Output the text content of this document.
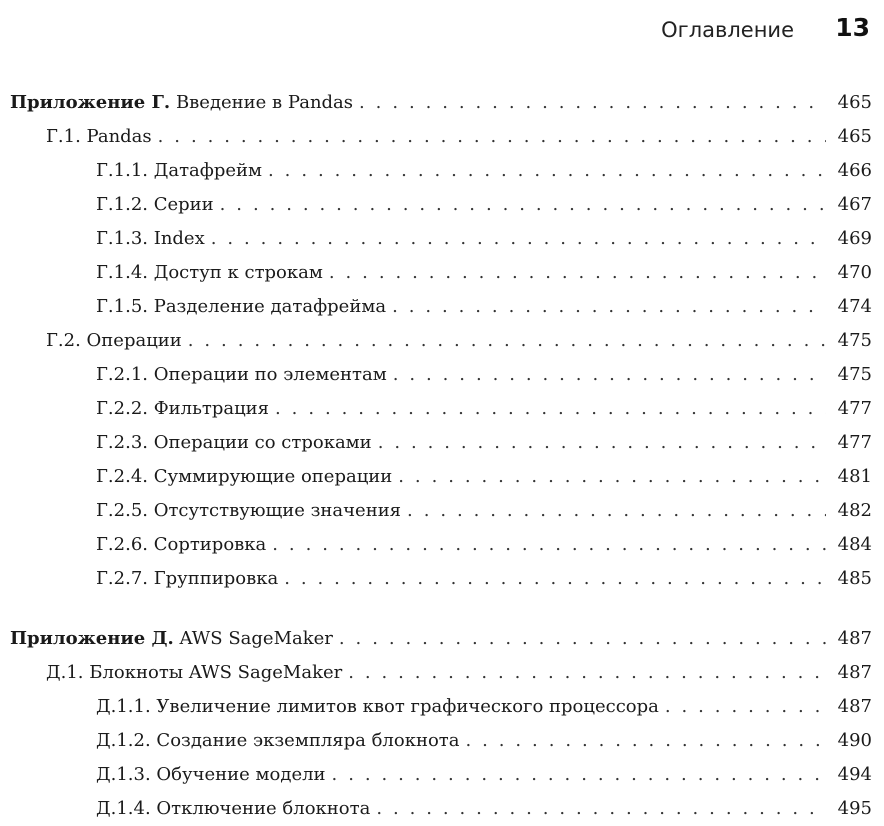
Оглавление 13
Приложение Г. Введение в Pandas . . .	465
Г.1. Pandas . . .	465
Г.1.1. Датафрейм . . .	466
Г.1.2. Серии . . .	467
Г.1.3. Index . . .	469
Г.1.4. Доступ к строкам . . .	470
Г.1.5. Разделение датафрейма . . .	474
Г.2. Операции . . .	475
Г.2.1. Операции по элементам . . .	475
Г.2.2. Фильтрация . . .	477
Г.2.3. Операции со строками . . .	477
Г.2.4. Суммирующие операции . . .	481
Г.2.5. Отсутствующие значения . . .	482
Г.2.6. Сортировка . . .	484
Г.2.7. Группировка . . .	485
Приложение Д. AWS SageMaker . . .	487
Д.1. Блокноты AWS SageMaker . . .	487
Д.1.1. Увеличение лимитов квот графического процессора . . .	487
Д.1.2. Создание экземпляра блокнота . . .	490
Д.1.3. Обучение модели . . .	494
Д.1.4. Отключение блокнота . . .	495
